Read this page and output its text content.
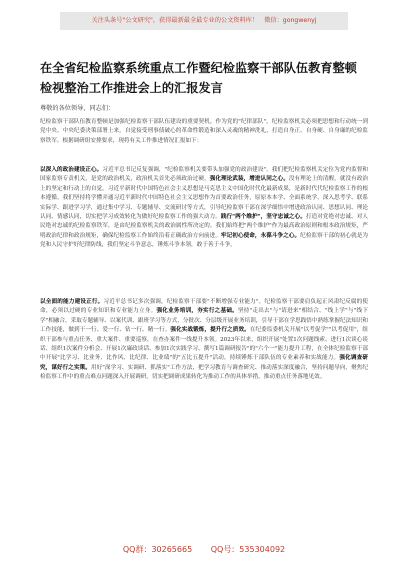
关注头条号"公文研究"，获得最新最全最专业的公文资料库！　微信：gongwenyj
在全省纪检监察系统重点工作暨纪检监察干部队伍教育整顿检视整治工作推进会上的汇报发言
尊敬的各位领导，同志们：

纪检监察干部队伍教育整顿是加强纪检监察干部队伍建设的重要契机。作为党的"纪律部队"，纪检监察机关必须把思想和行动统一到党中央、中央纪委决策部署上来，自觉接受刑事侦破心的革命性锻造和深入灵魂的精神洗礼，打造自身正、自身硬、自身廉的纪检监察铁军。根据调研组安排要求，现将有关工作推进情况汇报如下：

以深入的政治建设正心。习近平总书记反复强调，"纪检监察机关要带头加强党的政治建设"。我们把纪检监察机关定位为党内监督和国家监察专责机关，是党的政治机关，政治机关首先必须政治过硬。强化理论武装，增进认同之心。没有理论上的清醒，就没有政治上的坚定和行动上的自觉。习近平新时代中国特色社会主义思想是马克思主义中国化时代化最新成果，是新时代代纪检监察工作的根本遵循。我们坚持将学懂弄通习近平新时代中国特色社会主义思想作为首要政治任务，原原本本学、全面系统学、深入思考学、联系实际学、跟进学习学，通过集中学习、专题辅导、交流研讨等方式，引导纪检监察干部在深学细悟中增进政治认同、思想认同、理论认同、情感认同，切实把学习成效转化为做好纪检监察工作的强大动力。践行"两个维护"，坚守忠诚之心。打造对党绝对忠诚、对人民绝对忠诚的纪检监察铁军，是由纪检监察机关的政治属性所决定的。我们始终把"两个维护"作为最高政治原则和根本政治规矩，严明政治纪律和政治规矩，确保纪检监察工作始终沿着正确政治方向前进。牢记初心使命，永葆斗争之心。纪检监察干部的初心就是为党和人民守护好纪律防线，我们坚定斗争意志，锤炼斗争本领，敢于善于斗争。

以全面的能力建设正行。习近平总书记多次强调，纪检监察干部要"不断增强专业能力"。纪检监察干部要肩负起正风肃纪反腐的使命，必须以过硬的专业知识和专业能力立身。强化业务培训，夯实行之基础。坚持"走出去"与"请进来"相结合、"线上学"与"线下学"相融合，采取专题辅导、以案代训、跟班学习等方式，分批次、分层级开展业务培训，引导干部在学思践悟中熟练掌握纪法知识和工作技能，做到干一行、爱一行、钻一行、精一行。强化实战锻炼，提升行之质效。在纪委监委机关开展"以考促学""以考促用"，组织干部参与重点任务、重大案件、重要巡察，在查办案件一线提升本领。2023年以来，组织开展"处置1次问题线索、进行1次谈心谈话、组织1次案件分析会、开展1次廉政谈话、参加1次实践学习、撰写1篇调研报告"的"六个一"能力提升工程，在全体纪检监察干部中开展"比学习、比业务、比作风、比纪律、比业绩"的"五比五提升"活动，持续锤炼干部队伍的专业素养和实战能力。强化调查研究，谋好行之实策。用好"深学习、实调研、抓落实"工作方法，把学习教育与调查研究、推动落实深度融合，坚持问题导向，聚焦纪检监察工作中的重点难点问题深入开展调研，切实把调研成果转化为推动工作的具体举措，推动重点任务落地见效。

QQ群：30265665 QQ号：535304092
